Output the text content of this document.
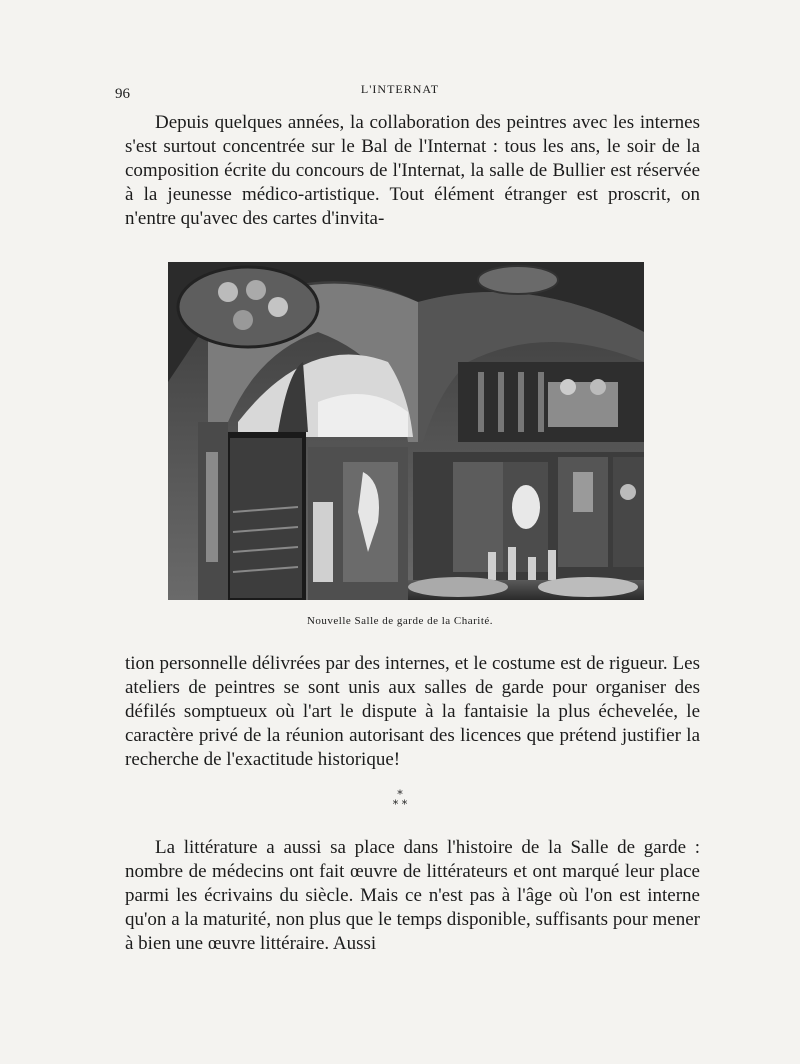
96	L'INTERNAT

Depuis quelques années, la collaboration des peintres avec les internes s'est surtout concentrée sur le Bal de l'Internat : tous les ans, le soir de la composition écrite du concours de l'Internat, la salle de Bullier est réservée à la jeunesse médico-artistique. Tout élément étranger est proscrit, on n'entre qu'avec des cartes d'invita-

Nouvelle Salle de garde de la Charité.

tion personnelle délivrées par des internes, et le costume est de rigueur. Les ateliers de peintres se sont unis aux salles de garde pour organiser des défilés somptueux où l'art le dispute à la fantaisie la plus échevelée, le caractère privé de la réunion autorisant des licences que prétend justifier la recherche de l'exactitude historique!

*
* *

La littérature a aussi sa place dans l'histoire de la Salle de garde : nombre de médecins ont fait œuvre de littérateurs et ont marqué leur place parmi les écrivains du siècle. Mais ce n'est pas à l'âge où l'on est interne qu'on a la maturité, non plus que le temps disponible, suffisants pour mener à bien une œuvre littéraire. Aussi
